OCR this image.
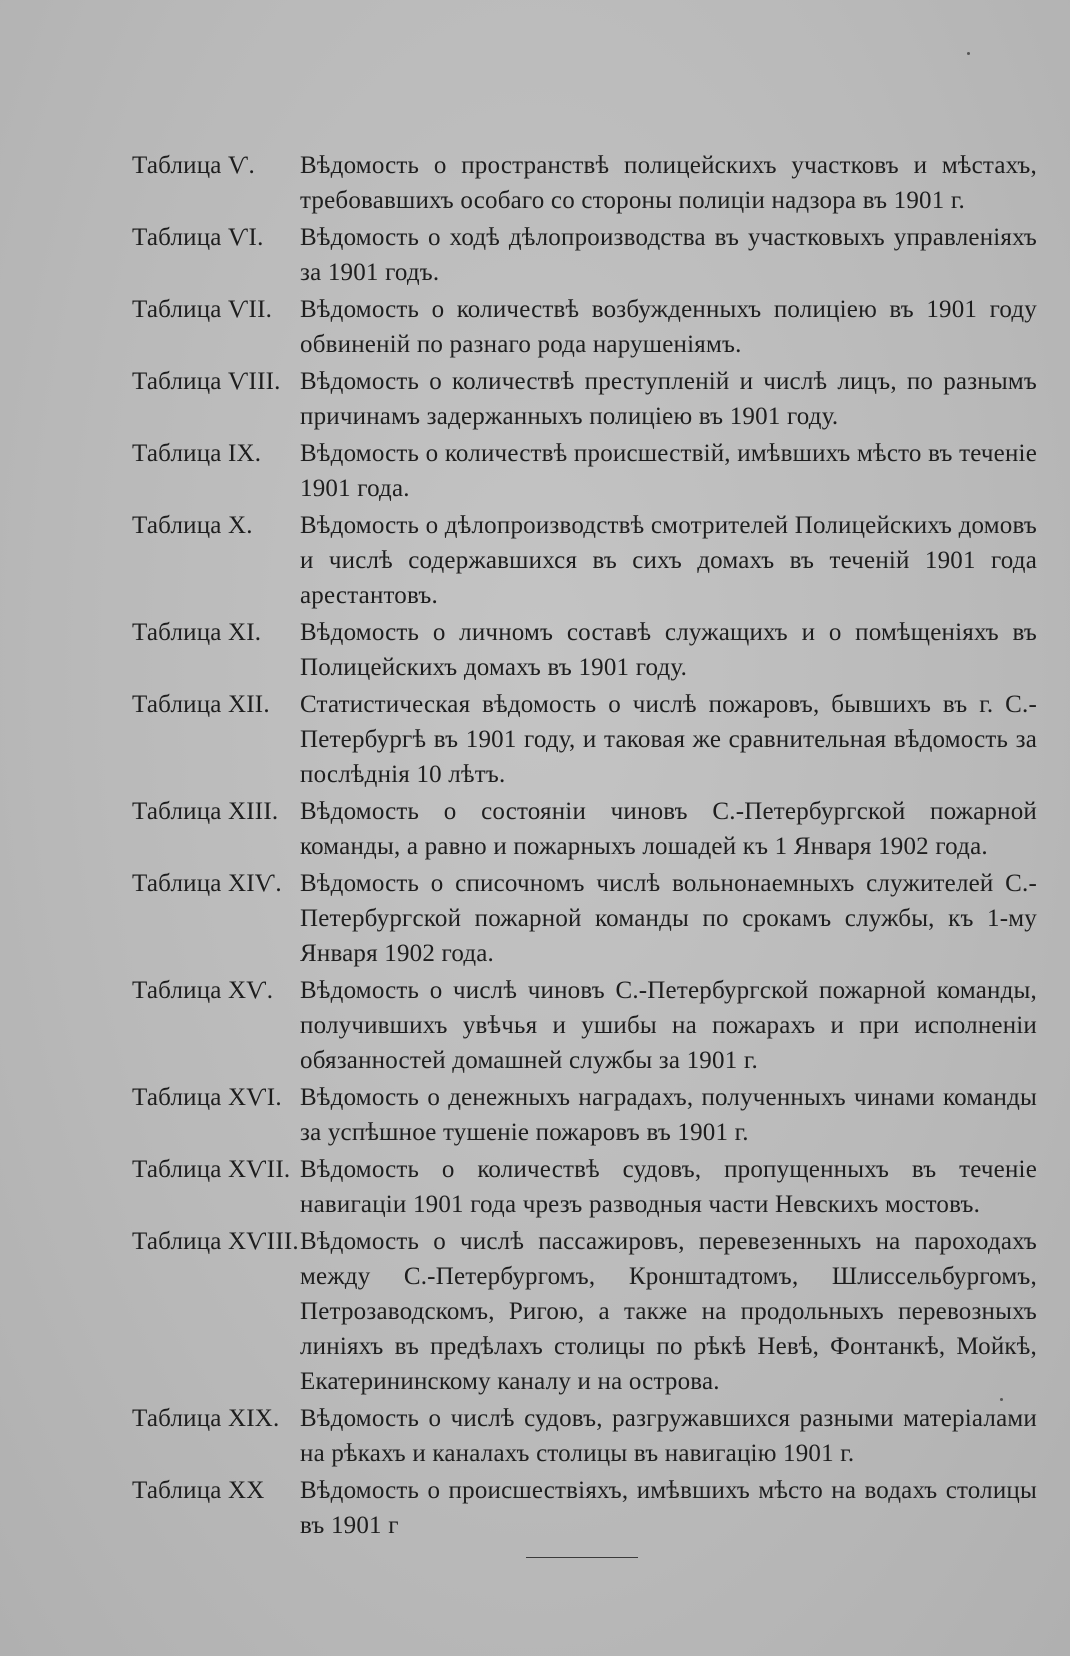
Таблица Ѵ.	Вѣдомость о пространствѣ полицейскихъ участковъ и мѣстахъ, требовавшихъ особаго со стороны полиціи надзора въ 1901 г.
Таблица ѴІ.	Вѣдомость о ходѣ дѣлопроизводства въ участковыхъ управленіяхъ за 1901 годъ.
Таблица ѴІІ.	Вѣдомость о количествѣ возбужденныхъ полиціею въ 1901 году обвиненій по разнаго рода нарушеніямъ.
Таблица ѴІІІ. Вѣдомость о количествѣ преступленій и числѣ лицъ, по разнымъ причинамъ задержанныхъ полиціею въ 1901 году.
Таблица ІХ.	Вѣдомость о количествѣ происшествій, имѣвшихъ мѣсто въ теченіе 1901 года.
Таблица Х.	Вѣдомость о дѣлопроизводствѣ смотрителей Полицейскихъ домовъ и числѣ содержавшихся въ сихъ домахъ въ теченій 1901 года арестантовъ.
Таблица ХІ.	Вѣдомость о личномъ составѣ служащихъ и о помѣщеніяхъ въ Полицейскихъ домахъ въ 1901 году.
Таблица ХІІ.	Статистическая вѣдомость о числѣ пожаровъ, бывшихъ въ г. С.-Петербургѣ въ 1901 году, и таковая же сравнительная вѣдомость за послѣднія 10 лѣтъ.
Таблица ХІІІ. Вѣдомость о состояніи чиновъ С.-Петербургской пожарной команды, а равно и пожарныхъ лошадей къ 1 Января 1902 года.
Таблица ХІѴ. Вѣдомость о списочномъ числѣ вольнонаемныхъ служителей С.-Петербургской пожарной команды по срокамъ службы, къ 1-му Января 1902 года.
Таблица ХѴ.	Вѣдомость о числѣ чиновъ С.-Петербургской пожарной команды, получившихъ увѣчья и ушибы на пожарахъ и при исполненіи обязанностей домашней службы за 1901 г.
Таблица ХѴІ. Вѣдомость о денежныхъ наградахъ, полученныхъ чинами команды за успѣшное тушеніе пожаровъ въ 1901 г.
Таблица ХѴІІ. Вѣдомость о количествѣ судовъ, пропущенныхъ въ теченіе навигаціи 1901 года чрезъ разводныя части Невскихъ мостовъ.
Таблица ХѴІІІ. Вѣдомость о числѣ пассажировъ, перевезенныхъ на пароходахъ между С.-Петербургомъ, Кронштадтомъ, Шлиссельбургомъ, Петрозаводскомъ, Ригою, а также на продольныхъ перевозныхъ линіяхъ въ предѣлахъ столицы по рѣкѣ Невѣ, Фонтанкѣ, Мойкѣ, Екатерининскому каналу и на острова.
Таблица ХІХ. Вѣдомость о числѣ судовъ, разгружавшихся разными матеріалами на рѣкахъ и каналахъ столицы въ навигацію 1901 г.
Таблица ХХ	Вѣдомость о происшествіяхъ, имѣвшихъ мѣсто на водахъ столицы въ 1901 г
